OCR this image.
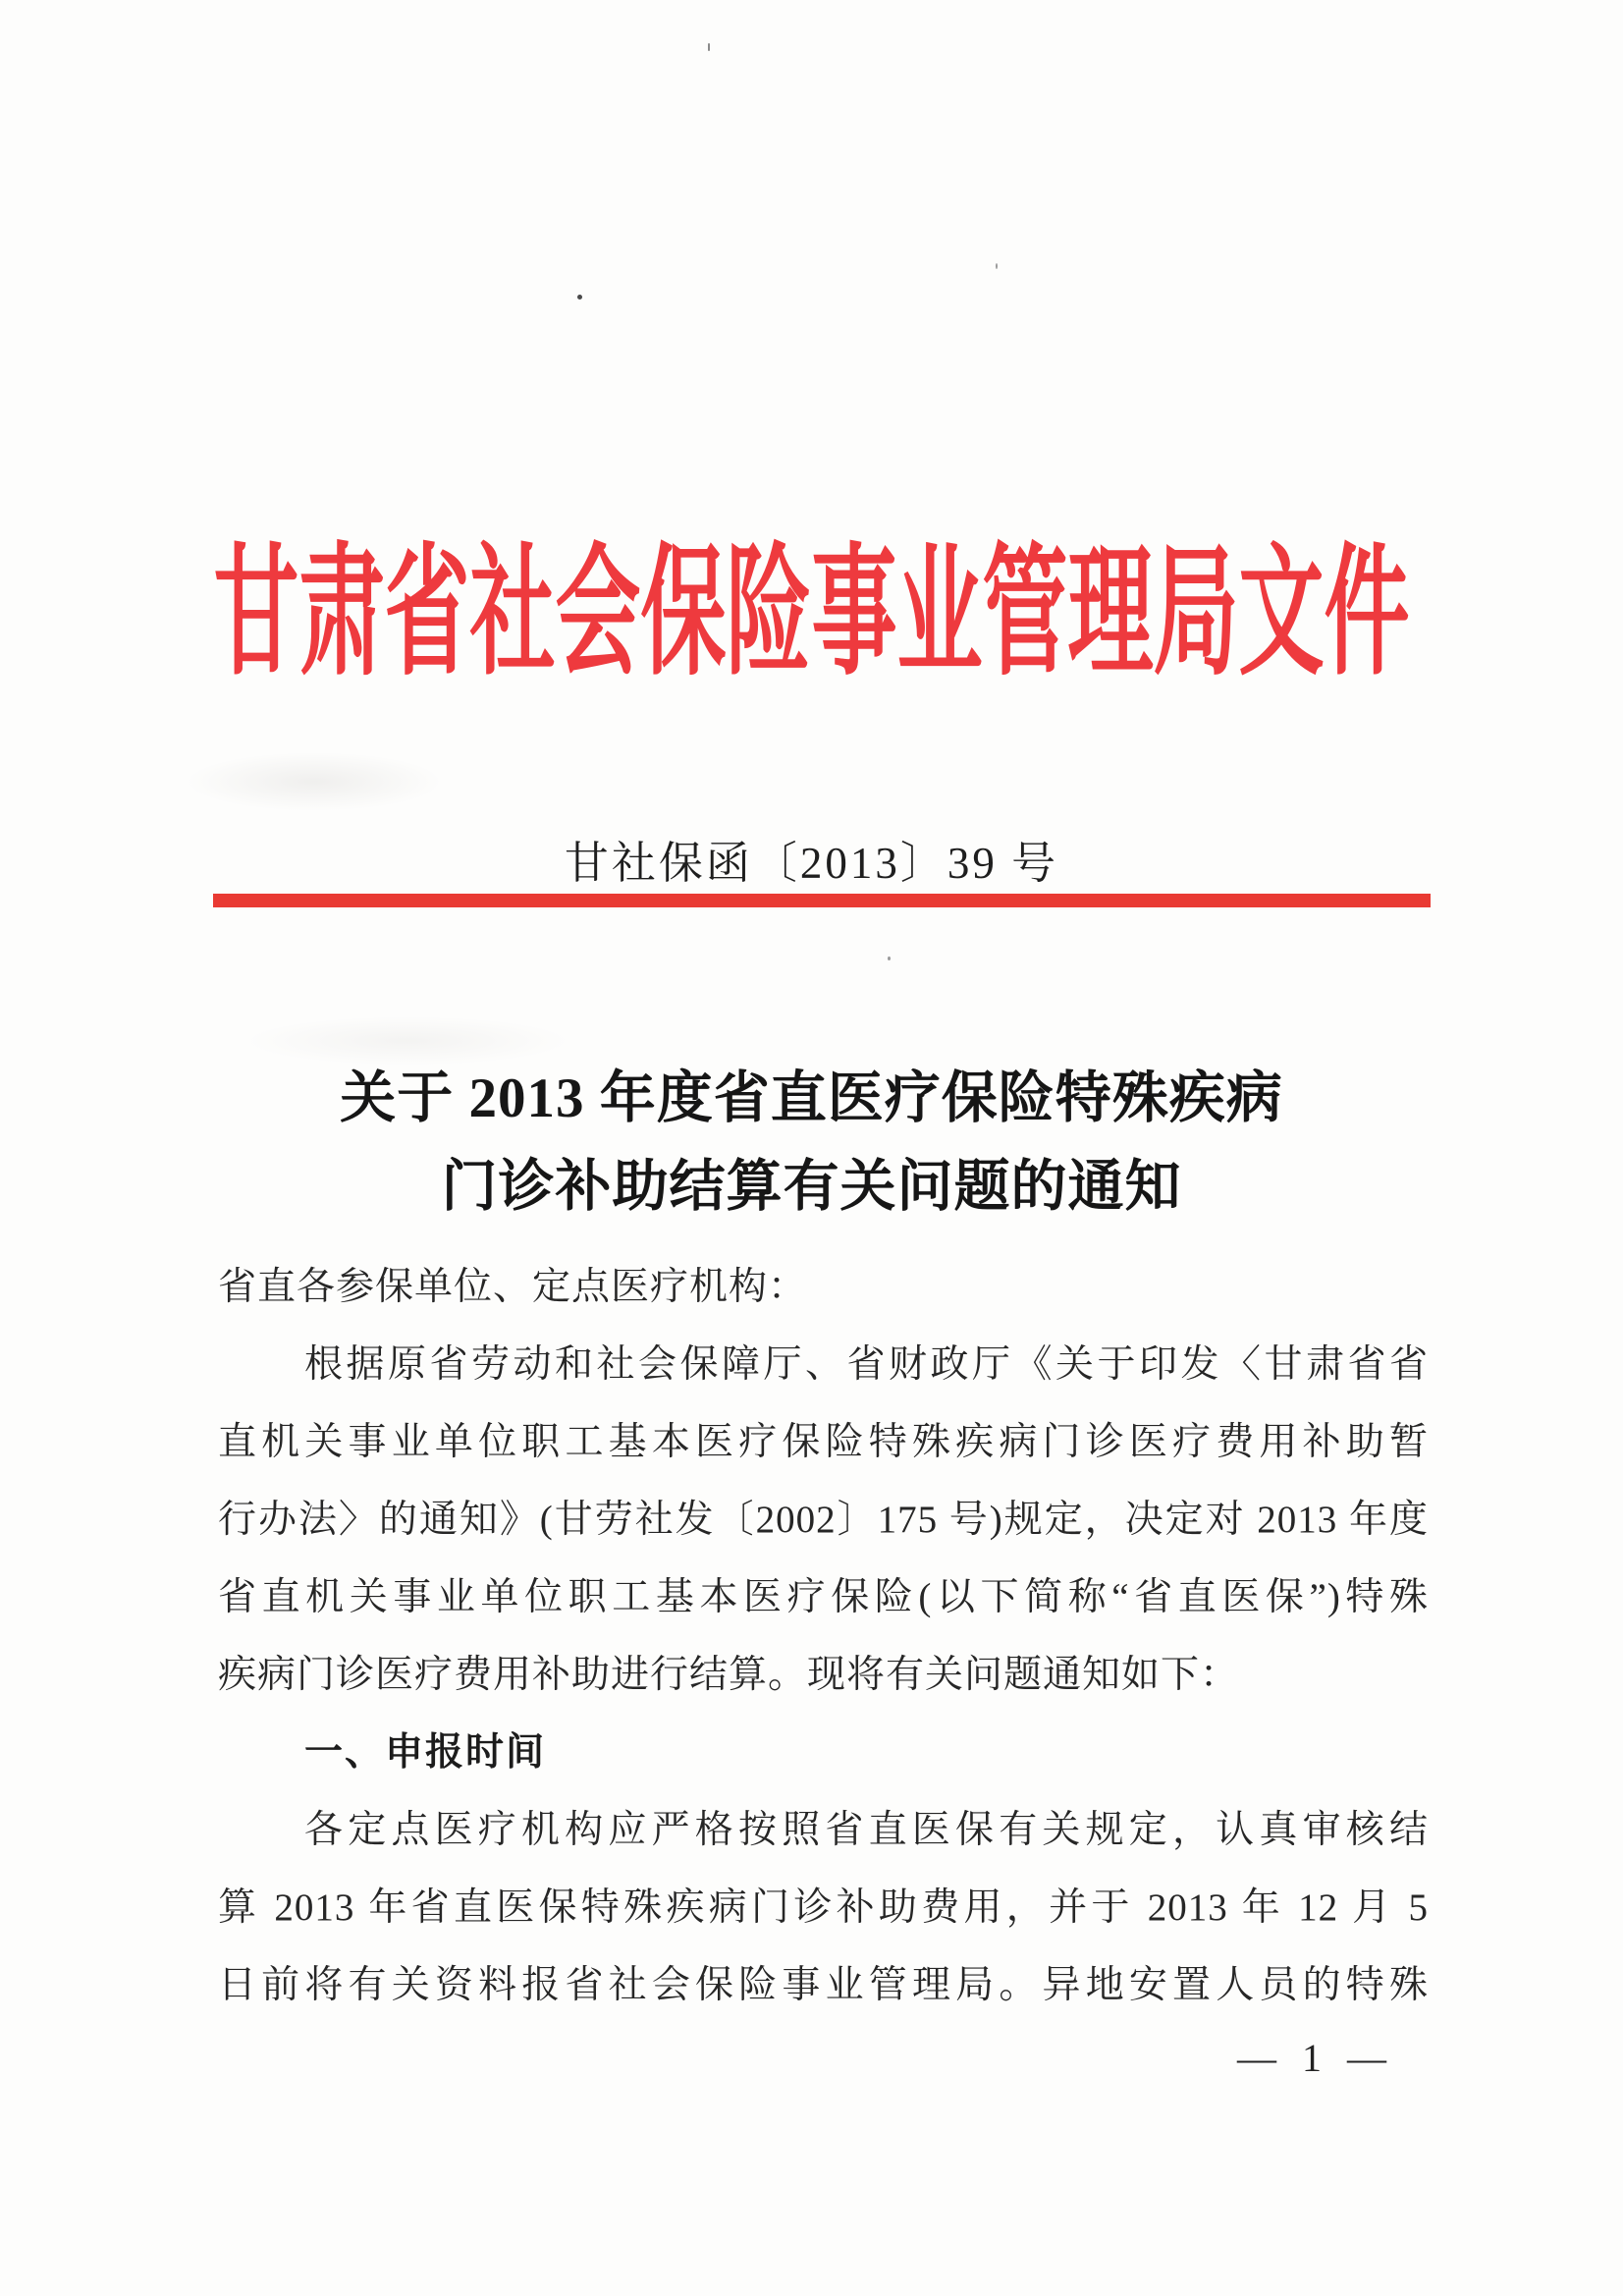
甘肃省社会保险事业管理局文件
甘社保函〔2013〕39 号
关于 2013 年度省直医疗保险特殊疾病
门诊补助结算有关问题的通知
省直各参保单位、定点医疗机构：
根据原省劳动和社会保障厅、省财政厅《关于印发〈甘肃省省
直机关事业单位职工基本医疗保险特殊疾病门诊医疗费用补助暂
行办法〉的通知》(甘劳社发〔2002〕175 号)规定，决定对 2013 年度
省直机关事业单位职工基本医疗保险(以下简称“省直医保”)特殊
疾病门诊医疗费用补助进行结算。现将有关问题通知如下：
一、申报时间
各定点医疗机构应严格按照省直医保有关规定，认真审核结
算 2013 年省直医保特殊疾病门诊补助费用，并于 2013 年 12 月 5
日前将有关资料报省社会保险事业管理局。异地安置人员的特殊
— 1 —
